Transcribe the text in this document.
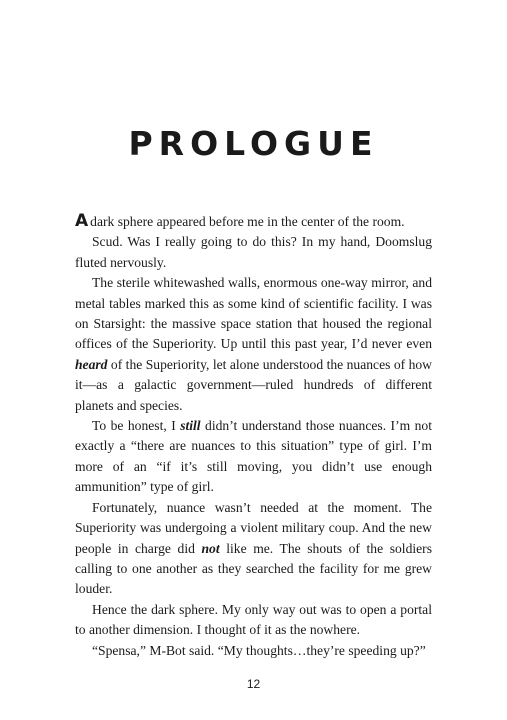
PROLOGUE

A dark sphere appeared before me in the center of the room.

Scud. Was I really going to do this? In my hand, Doomslug fluted nervously.

The sterile whitewashed walls, enormous one-way mirror, and metal tables marked this as some kind of scientific facility. I was on Starsight: the massive space station that housed the regional offices of the Superiority. Up until this past year, I’d never even heard of the Superiority, let alone understood the nuances of how it—as a galactic government—ruled hundreds of different planets and species.

To be honest, I still didn’t understand those nuances. I’m not exactly a “there are nuances to this situation” type of girl. I’m more of an “if it’s still moving, you didn’t use enough ammunition” type of girl.

Fortunately, nuance wasn’t needed at the moment. The Superiority was undergoing a violent military coup. And the new people in charge did not like me. The shouts of the soldiers calling to one another as they searched the facility for me grew louder.

Hence the dark sphere. My only way out was to open a portal to another dimension. I thought of it as the nowhere.

“Spensa,” M-Bot said. “My thoughts…they’re speeding up?”

12
